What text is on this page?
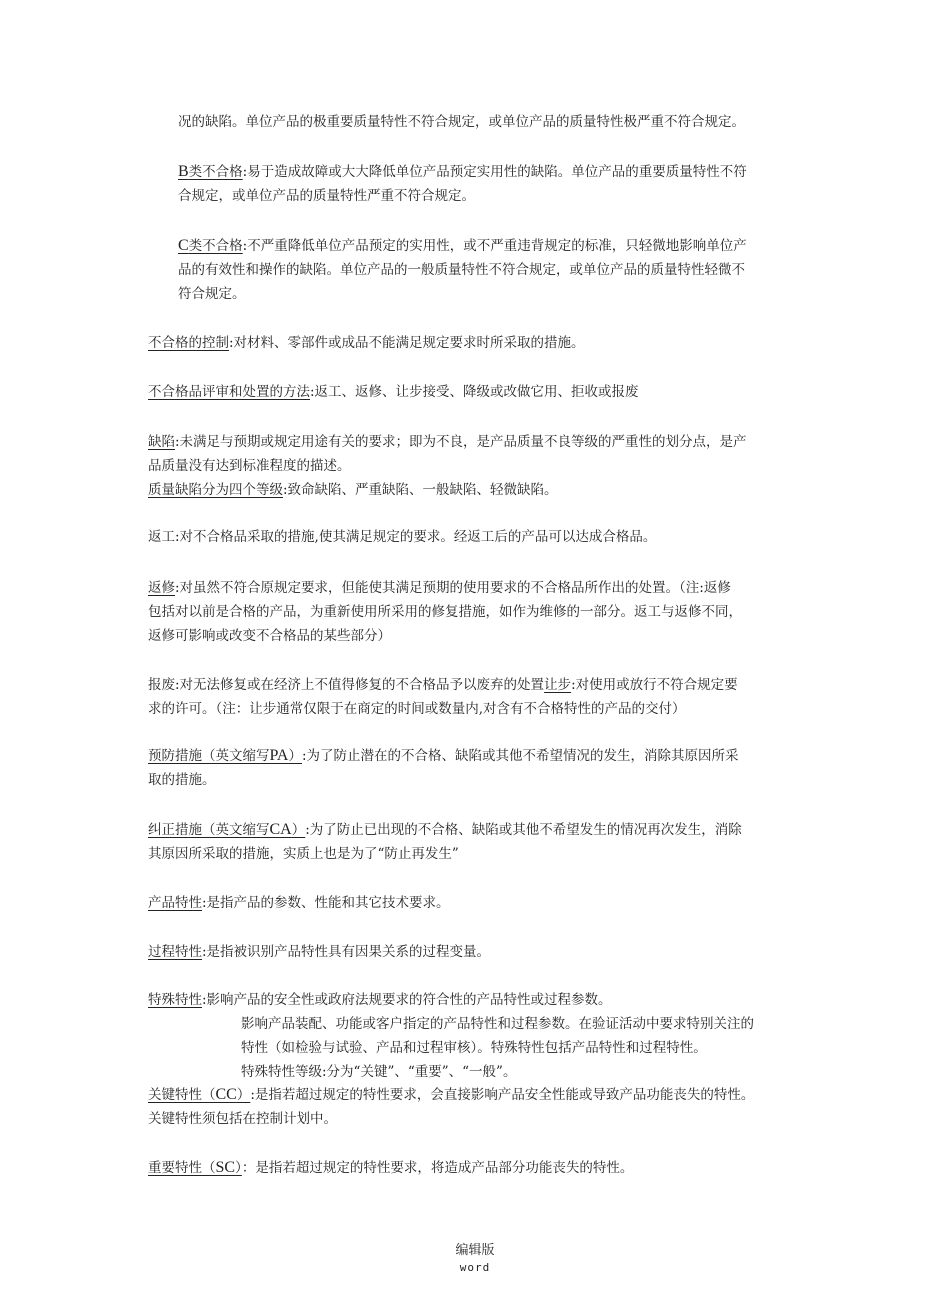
况的缺陷。单位产品的极重要质量特性不符合规定，或单位产品的质量特性极严重不符合规定。
B类不合格:易于造成故障或大大降低单位产品预定实用性的缺陷。单位产品的重要质量特性不符
合规定，或单位产品的质量特性严重不符合规定。
C类不合格:不严重降低单位产品预定的实用性，或不严重违背规定的标准，只轻微地影响单位产
品的有效性和操作的缺陷。单位产品的一般质量特性不符合规定，或单位产品的质量特性轻微不
符合规定。
不合格的控制:对材料、零部件或成品不能满足规定要求时所采取的措施。
不合格品评审和处置的方法:返工、返修、让步接受、降级或改做它用、拒收或报废
缺陷:未满足与预期或规定用途有关的要求；即为不良，是产品质量不良等级的严重性的划分点，是产
品质量没有达到标准程度的描述。
质量缺陷分为四个等级:致命缺陷、严重缺陷、一般缺陷、轻微缺陷。
返工:对不合格品采取的措施,使其满足规定的要求。经返工后的产品可以达成合格品。
返修:对虽然不符合原规定要求，但能使其满足预期的使用要求的不合格品所作出的处置。（注:返修
包括对以前是合格的产品，为重新使用所采用的修复措施，如作为维修的一部分。返工与返修不同，
返修可影响或改变不合格品的某些部分）
报废:对无法修复或在经济上不值得修复的不合格品予以废弃的处置让步:对使用或放行不符合规定要
求的许可。（注：让步通常仅限于在商定的时间或数量内,对含有不合格特性的产品的交付）
预防措施（英文缩写PA）:为了防止潜在的不合格、缺陷或其他不希望情况的发生，消除其原因所采
取的措施。
纠正措施（英文缩写CA）:为了防止已出现的不合格、缺陷或其他不希望发生的情况再次发生，消除
其原因所采取的措施，实质上也是为了“防止再发生”
产品特性:是指产品的参数、性能和其它技术要求。
过程特性:是指被识别产品特性具有因果关系的过程变量。
特殊特性:影响产品的安全性或政府法规要求的符合性的产品特性或过程参数。
影响产品装配、功能或客户指定的产品特性和过程参数。在验证活动中要求特别关注的
特性（如检验与试验、产品和过程审核）。特殊特性包括产品特性和过程特性。
特殊特性等级:分为“关键”、“重要”、“一般”。
关键特性（CC）:是指若超过规定的特性要求，会直接影响产品安全性能或导致产品功能丧失的特性。
关键特性须包括在控制计划中。
重要特性（SC）：是指若超过规定的特性要求，将造成产品部分功能丧失的特性。
编辑版
word
